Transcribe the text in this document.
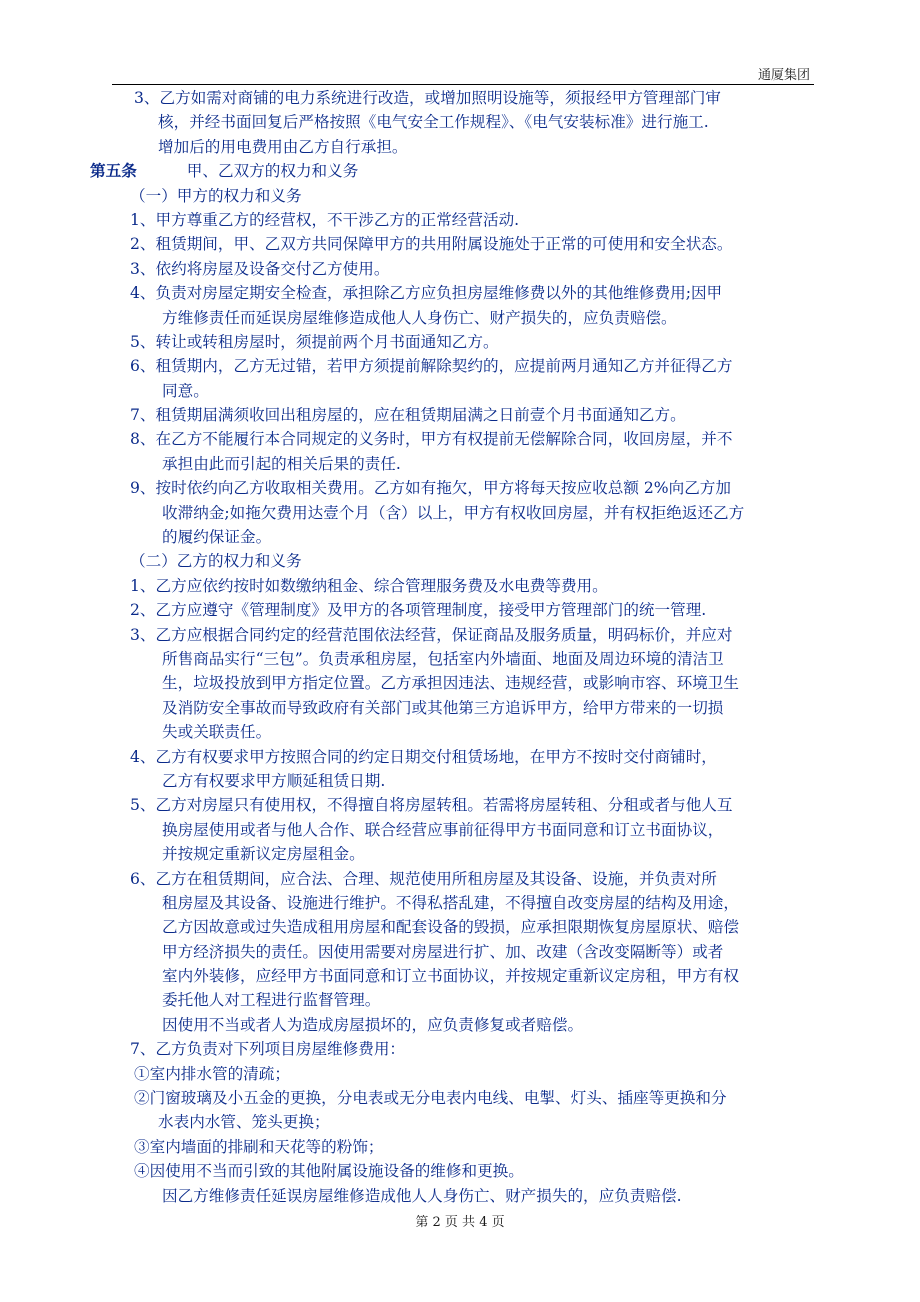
通厦集团
3、乙方如需对商铺的电力系统进行改造，或增加照明设施等，须报经甲方管理部门审
核，并经书面回复后严格按照《电气安全工作规程》、《电气安装标准》进行施工.
增加后的用电费用由乙方自行承担。
第五条	甲、乙双方的权力和义务
（一）甲方的权力和义务
1、甲方尊重乙方的经营权，不干涉乙方的正常经营活动.
2、租赁期间，甲、乙双方共同保障甲方的共用附属设施处于正常的可使用和安全状态。
3、依约将房屋及设备交付乙方使用。
4、负责对房屋定期安全检查，承担除乙方应负担房屋维修费以外的其他维修费用;因甲
方维修责任而延误房屋维修造成他人人身伤亡、财产损失的，应负责赔偿。
5、转让或转租房屋时，须提前两个月书面通知乙方。
6、租赁期内，乙方无过错，若甲方须提前解除契约的，应提前两月通知乙方并征得乙方
同意。
7、租赁期届满须收回出租房屋的，应在租赁期届满之日前壹个月书面通知乙方。
8、在乙方不能履行本合同规定的义务时，甲方有权提前无偿解除合同，收回房屋，并不
承担由此而引起的相关后果的责任.
9、按时依约向乙方收取相关费用。乙方如有拖欠，甲方将每天按应收总额 2%向乙方加
收滞纳金;如拖欠费用达壹个月（含）以上，甲方有权收回房屋，并有权拒绝返还乙方
的履约保证金。
（二）乙方的权力和义务
1、乙方应依约按时如数缴纳租金、综合管理服务费及水电费等费用。
2、乙方应遵守《管理制度》及甲方的各项管理制度，接受甲方管理部门的统一管理.
3、乙方应根据合同约定的经营范围依法经营，保证商品及服务质量，明码标价，并应对
所售商品实行“三包”。负责承租房屋，包括室内外墙面、地面及周边环境的清洁卫
生，垃圾投放到甲方指定位置。乙方承担因违法、违规经营，或影响市容、环境卫生
及消防安全事故而导致政府有关部门或其他第三方追诉甲方，给甲方带来的一切损
失或关联责任。
4、乙方有权要求甲方按照合同的约定日期交付租赁场地，在甲方不按时交付商铺时，
乙方有权要求甲方顺延租赁日期.
5、乙方对房屋只有使用权，不得擅自将房屋转租。若需将房屋转租、分租或者与他人互
换房屋使用或者与他人合作、联合经营应事前征得甲方书面同意和订立书面协议，
并按规定重新议定房屋租金。
6、乙方在租赁期间，应合法、合理、规范使用所租房屋及其设备、设施，并负责对所
租房屋及其设备、设施进行维护。不得私搭乱建，不得擅自改变房屋的结构及用途，
乙方因故意或过失造成租用房屋和配套设备的毁损，应承担限期恢复房屋原状、赔偿
甲方经济损失的责任。因使用需要对房屋进行扩、加、改建（含改变隔断等）或者
室内外装修，应经甲方书面同意和订立书面协议，并按规定重新议定房租，甲方有权
委托他人对工程进行监督管理。
因使用不当或者人为造成房屋损坏的，应负责修复或者赔偿。
7、乙方负责对下列项目房屋维修费用：
①室内排水管的清疏；
②门窗玻璃及小五金的更换，分电表或无分电表内电线、电掣、灯头、插座等更换和分
水表内水管、笼头更换；
③室内墙面的排刷和天花等的粉饰；
④因使用不当而引致的其他附属设施设备的维修和更换。
因乙方维修责任延误房屋维修造成他人人身伤亡、财产损失的，应负责赔偿.
第 2 页 共 4 页
